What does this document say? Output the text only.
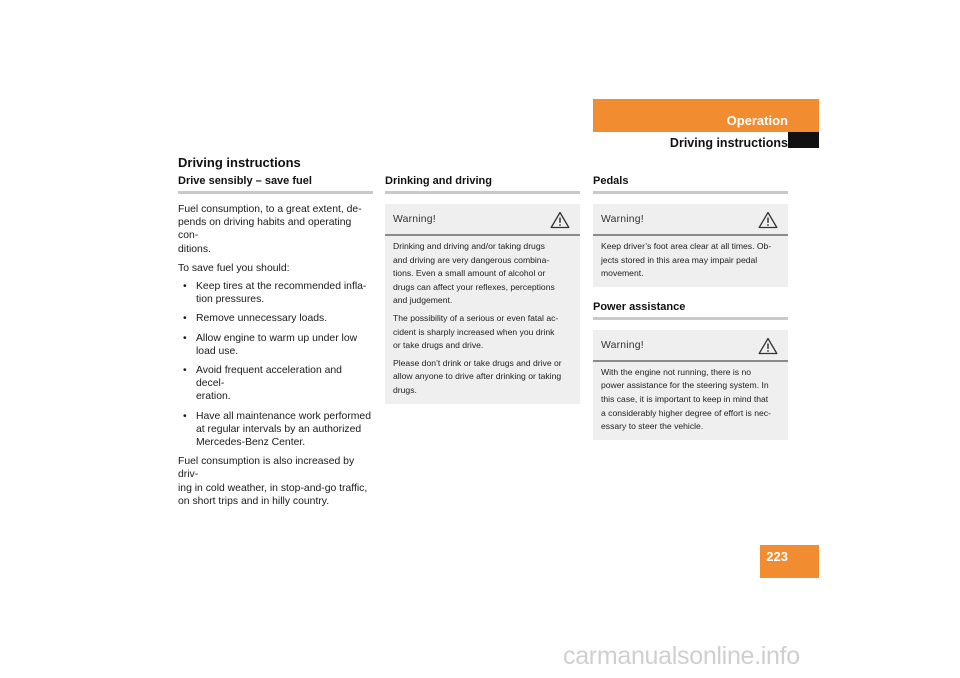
Operation
Driving instructions
Driving instructions
Drive sensibly – save fuel

Fuel consumption, to a great extent, de-
pends on driving habits and operating con-
ditions.

To save fuel you should:

• Keep tires at the recommended infla-
tion pressures.
• Remove unnecessary loads.
• Allow engine to warm up under low
load use.
• Avoid frequent acceleration and decel-
eration.
• Have all maintenance work performed
at regular intervals by an authorized
Mercedes-Benz Center.

Fuel consumption is also increased by driv-
ing in cold weather, in stop-and-go traffic,
on short trips and in hilly country.

Drinking and driving
Warning!

Drinking and driving and/or taking drugs
and driving are very dangerous combina-
tions. Even a small amount of alcohol or
drugs can affect your reflexes, perceptions
and judgement.

The possibility of a serious or even fatal ac-
cident is sharply increased when you drink
or take drugs and drive.

Please don’t drink or take drugs and drive or
allow anyone to drive after drinking or taking
drugs.

Pedals
Warning!

Keep driver’s foot area clear at all times. Ob-
jects stored in this area may impair pedal
movement.

Power assistance
Warning!

With the engine not running, there is no
power assistance for the steering system. In
this case, it is important to keep in mind that
a considerably higher degree of effort is nec-
essary to steer the vehicle.

223
carmanualsonline.info
